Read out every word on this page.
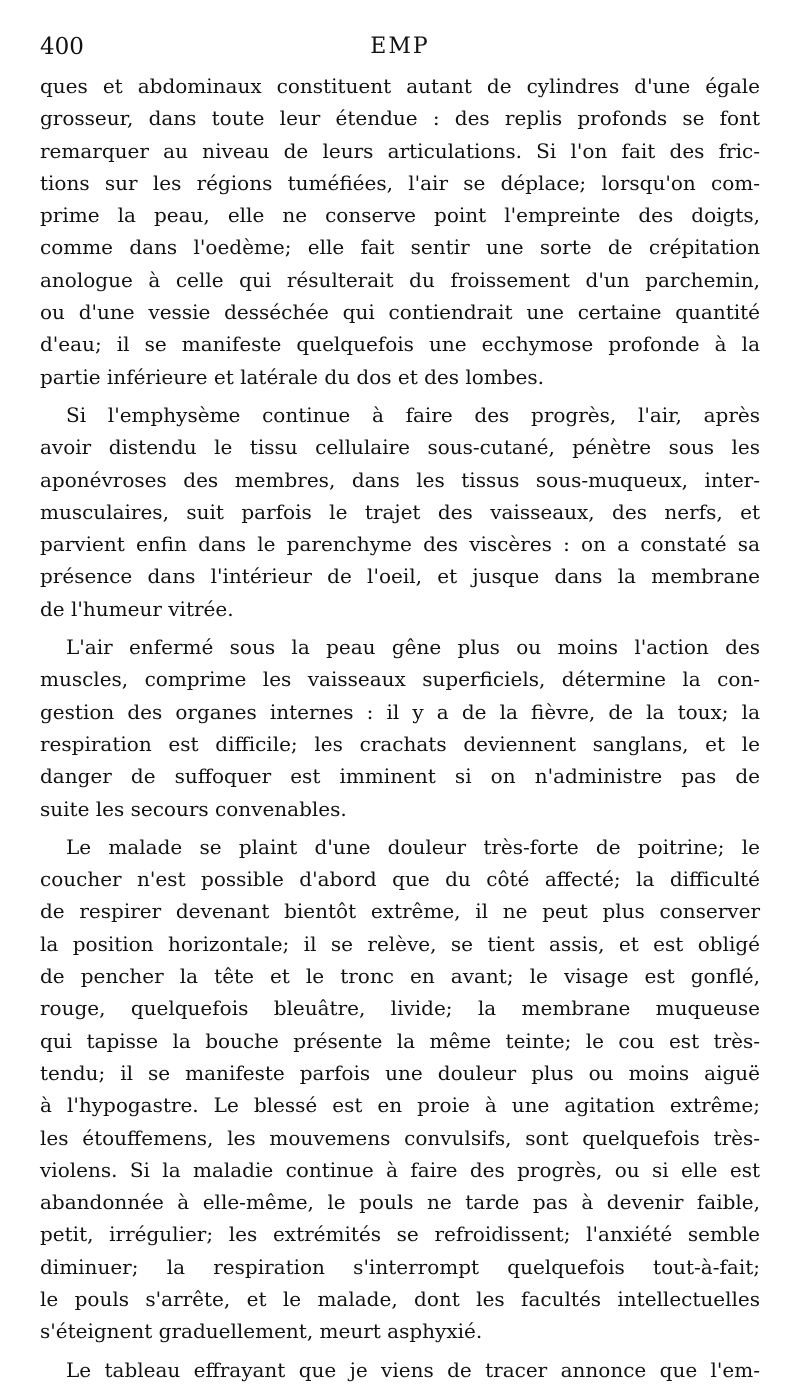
400	EMP
ques et abdominaux constituent autant de cylindres d'une égale
grosseur, dans toute leur étendue : des replis profonds se font
remarquer au niveau de leurs articulations. Si l'on fait des fric-
tions sur les régions tuméfiées, l'air se déplace; lorsqu'on com-
prime la peau, elle ne conserve point l'empreinte des doigts,
comme dans l'oedème; elle fait sentir une sorte de crépitation
anologue à celle qui résulterait du froissement d'un parchemin,
ou d'une vessie desséchée qui contiendrait une certaine quantité
d'eau; il se manifeste quelquefois une ecchymose profonde à la
partie inférieure et latérale du dos et des lombes.
Si l'emphysème continue à faire des progrès, l'air, après
avoir distendu le tissu cellulaire sous-cutané, pénètre sous les
aponévroses des membres, dans les tissus sous-muqueux, inter-
musculaires, suit parfois le trajet des vaisseaux, des nerfs, et
parvient enfin dans le parenchyme des viscères : on a constaté sa
présence dans l'intérieur de l'oeil, et jusque dans la membrane
de l'humeur vitrée.
L'air enfermé sous la peau gêne plus ou moins l'action des
muscles, comprime les vaisseaux superficiels, détermine la con-
gestion des organes internes : il y a de la fièvre, de la toux; la
respiration est difficile; les crachats deviennent sanglans, et le
danger de suffoquer est imminent si on n'administre pas de
suite les secours convenables.
Le malade se plaint d'une douleur très-forte de poitrine; le
coucher n'est possible d'abord que du côté affecté; la difficulté
de respirer devenant bientôt extrême, il ne peut plus conserver
la position horizontale; il se relève, se tient assis, et est obligé
de pencher la tête et le tronc en avant; le visage est gonflé,
rouge, quelquefois bleuâtre, livide; la membrane muqueuse
qui tapisse la bouche présente la même teinte; le cou est très-
tendu; il se manifeste parfois une douleur plus ou moins aiguë
à l'hypogastre. Le blessé est en proie à une agitation extrême;
les étouffemens, les mouvemens convulsifs, sont quelquefois très-
violens. Si la maladie continue à faire des progrès, ou si elle est
abandonnée à elle-même, le pouls ne tarde pas à devenir faible,
petit, irrégulier; les extrémités se refroidissent; l'anxiété semble
diminuer; la respiration s'interrompt quelquefois tout-à-fait;
le pouls s'arrête, et le malade, dont les facultés intellectuelles
s'éteignent graduellement, meurt asphyxié.
Le tableau effrayant que je viens de tracer annonce que l'em-
